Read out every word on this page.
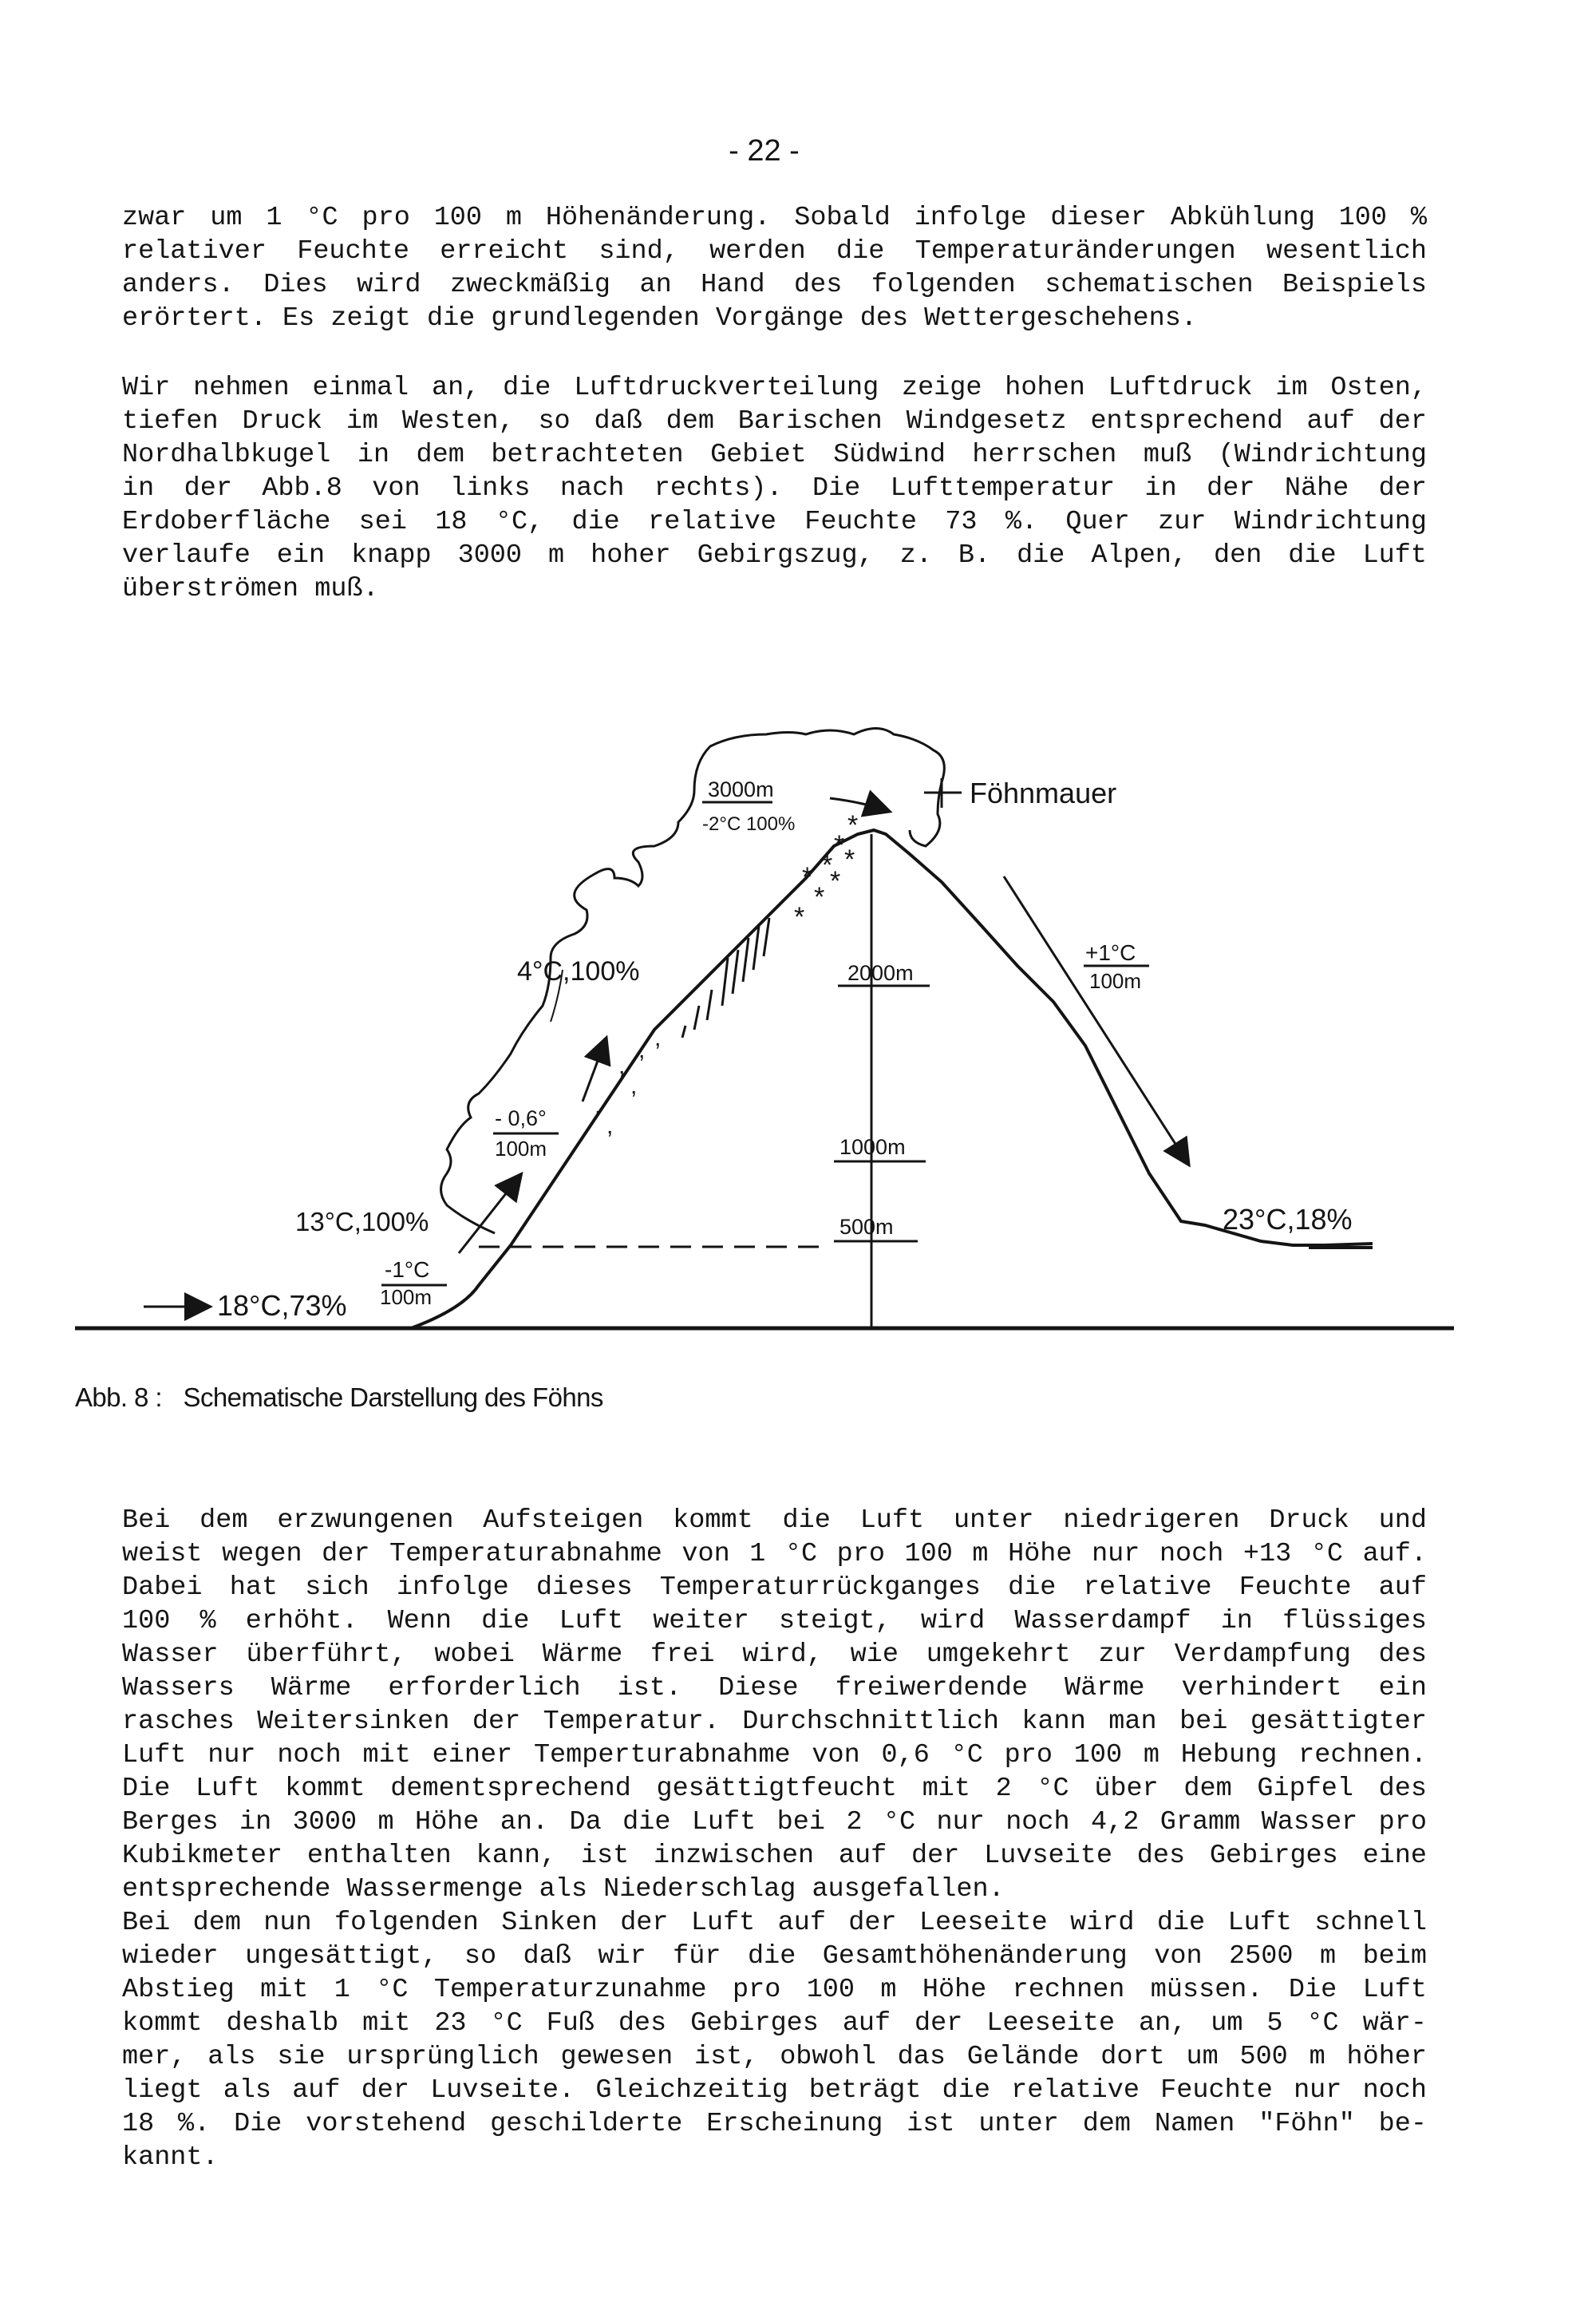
- 22 -
zwar um 1 °C pro 100 m Höhenänderung. Sobald infolge dieser Abkühlung 100 %
relativer Feuchte erreicht sind, werden die Temperaturänderungen wesentlich
anders. Dies wird zweckmäßig an Hand des folgenden schematischen Beispiels
erörtert. Es zeigt die grundlegenden Vorgänge des Wettergeschehens.
Wir nehmen einmal an, die Luftdruckverteilung zeige hohen Luftdruck im Osten,
tiefen Druck im Westen, so daß dem Barischen Windgesetz entsprechend auf der
Nordhalbkugel in dem betrachteten Gebiet Südwind herrschen muß (Windrichtung
in der Abb.8 von links nach rechts). Die Lufttemperatur in der Nähe der
Erdoberfläche sei 18 °C, die relative Feuchte 73 %. Quer zur Windrichtung
verlaufe ein knapp 3000 m hoher Gebirgszug, z. B. die Alpen, den die Luft
überströmen muß.
*
*
* *
* *
*
*
, ,
,
,
,
,
Föhnmauer
3000m
-2°C 100%
4°C,100%	2000m
+1°C
100m
- 0,6°
100m	1000m
13°C,100%	500m	23°C,18%
-1°C
100m
18°C,73%
Abb. 8 : Schematische Darstellung des Föhns
Bei dem erzwungenen Aufsteigen kommt die Luft unter niedrigeren Druck und
weist wegen der Temperaturabnahme von 1 °C pro 100 m Höhe nur noch +13 °C auf.
Dabei hat sich infolge dieses Temperaturrückganges die relative Feuchte auf
100 % erhöht. Wenn die Luft weiter steigt, wird Wasserdampf in flüssiges
Wasser überführt, wobei Wärme frei wird, wie umgekehrt zur Verdampfung des
Wassers Wärme erforderlich ist. Diese freiwerdende Wärme verhindert ein
rasches Weitersinken der Temperatur. Durchschnittlich kann man bei gesättigter
Luft nur noch mit einer Temperturabnahme von 0,6 °C pro 100 m Hebung rechnen.
Die Luft kommt dementsprechend gesättigtfeucht mit 2 °C über dem Gipfel des
Berges in 3000 m Höhe an. Da die Luft bei 2 °C nur noch 4,2 Gramm Wasser pro
Kubikmeter enthalten kann, ist inzwischen auf der Luvseite des Gebirges eine
entsprechende Wassermenge als Niederschlag ausgefallen.
Bei dem nun folgenden Sinken der Luft auf der Leeseite wird die Luft schnell
wieder ungesättigt, so daß wir für die Gesamthöhenänderung von 2500 m beim
Abstieg mit 1 °C Temperaturzunahme pro 100 m Höhe rechnen müssen. Die Luft
kommt deshalb mit 23 °C Fuß des Gebirges auf der Leeseite an, um 5 °C wär-
mer, als sie ursprünglich gewesen ist, obwohl das Gelände dort um 500 m höher
liegt als auf der Luvseite. Gleichzeitig beträgt die relative Feuchte nur noch
18 %. Die vorstehend geschilderte Erscheinung ist unter dem Namen "Föhn" be-
kannt.
